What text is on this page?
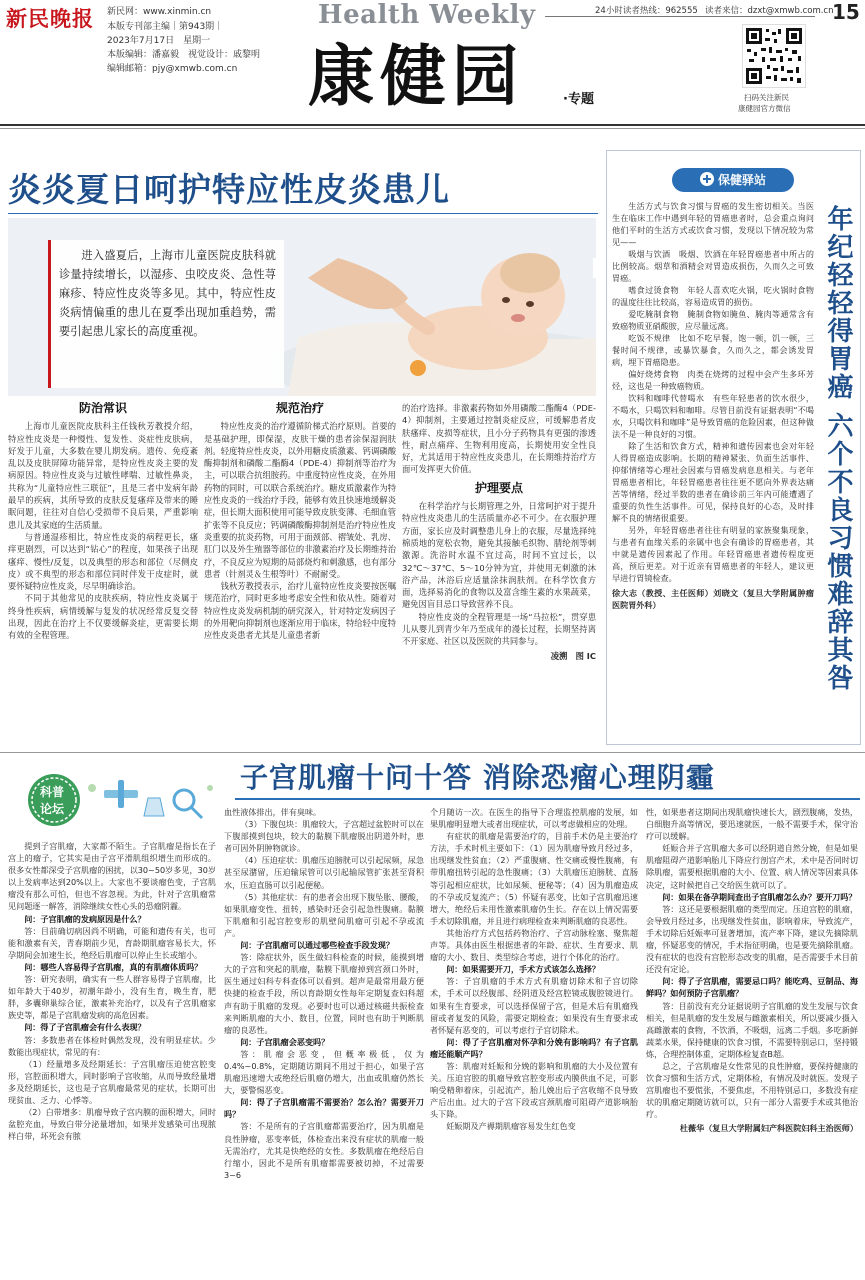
新民晚报 新民网：www.xinmin.cn
本版专刊部主编｜第943期｜
2023年7月17日　星期一
本版编辑：潘嘉毅　视觉设计：戚黎明
编辑邮箱：pjy@xmwb.com.cn
Health Weekly	24小时读者热线：962555 读者来信：dzxt@xmwb.com.cn
15
康健园	·专题	扫码关注新民
康健园官方微信
炎炎夏日呵护特应性皮炎患儿
进入盛夏后，上海市儿童医院皮肤科就诊量持续增长，以湿疹、虫咬皮炎、急性荨麻疹、特应性皮炎等多见。其中，特应性皮炎病情偏重的患儿在夏季出现加重趋势，需要引起患儿家长的高度重视。

防治常识

上海市儿童医院皮肤科主任钱秋芳教授介绍，特应性皮炎是一种慢性、复发性、炎症性皮肤病，好发于儿童，大多数在婴儿期发病。遗传、免疫紊乱以及皮肤屏障功能异常，是特应性皮炎主要的发病原因。特应性皮炎与过敏性哮喘、过敏性鼻炎，共称为“儿童特应性三联征”，且是三者中发病年龄最早的疾病，其所导致的皮肤反复瘙痒及带来的睡眠问题，往往对自信心受损带不良后果，严重影响患儿及其家庭的生活质量。

与普通湿疹相比，特应性皮炎的病程更长，瘙痒更剧烈，可以达到“钻心”的程度，如果孩子出现瘙痒、慢性/反复，以及典型的形态和部位（尽侧皮皮）或不典型的形态和部位同时伴发干皮症时，就要怀疑特应性皮炎，尽早明确诊治。

不同于其他常见的皮肤疾病，特应性皮炎属于终身性疾病，病情缓解与复发的状况经常反复交替出现，因此在治疗上不仅要缓解炎症，更需要长期有效的全程管理。

规范治疗

特应性皮炎的治疗遵循阶梯式治疗原则。首要的是基础护理，即保湿，皮肤干燥的患者涂保湿润肤剂。轻度特应性皮炎，以外用糖皮质激素、钙调磷酸酶抑制剂和磷酸二酯酶4（PDE-4）抑制剂等治疗为主，可以联合抗组胺药。中重度特应性皮炎，在外用药物的同时，可以联合系统治疗。糖皮质激素作为特应性皮炎的一线治疗手段，能够有效且快速地缓解炎症，但长期大面积使用可能导致皮肤变薄、毛细血管扩张等不良反应；钙调磷酸酶抑制剂是治疗特应性皮炎重要的抗炎药物，可用于面颈部、褶皱处、乳房、肛门以及外生殖器等部位的非激素治疗及长期维持治疗，不良反应为短期的局部烧灼和刺激感，也有部分患者（针剂灵＆生根等叶）不耐耐受。

钱秋芳教授表示，治疗儿童特应性皮炎要按医嘱规范治疗，同时更多地考虑安全性和依从性。随着对特应性皮炎发病机制的研究深入，针对特定发病因子的外用靶向抑制剂也逐渐应用于临床，特给轻中度特应性皮炎患者尤其是儿童患者新

的治疗选择。非激素药物如外用磷酸二酯酶4（PDE-4）抑制剂，主要通过控制炎症反应，可缓解患者皮肤瘙痒、皮损等症状，且小分子药物具有更强的渗透性，耐点痛痒、生物利用度高，长期使用安全性良好，尤其适用于特应性皮炎患儿，在长期维持治疗方面可发挥更大价值。

护理要点

在科学治疗与长期管理之外，日常呵护对于提升特应性皮炎患儿的生活质量亦必不可少。在衣服护理方面，家长应及时调整患儿身上的衣服，尽量选择纯棉质地的宽松衣物，避免其接触毛织物、腈纶剂等刺激源。洗浴时水温不宜过高，时间不宜过长，以32℃～37℃、5～10分钟为宜，并使用无刺激的沐浴产品，沐浴后应适量涂抹润肤剂。在科学饮食方面，选择易消化的食物以及富含维生素的水果蔬菜，避免因盲目忌口导致营养不良。

特应性皮炎的全程管理是一场“马拉松”，贯穿患儿从婴儿到青少年乃至成年的漫长过程，长期坚持离不开家庭、社区以及医院的共同参与。

凌溯　图 IC

保健驿站

生活方式与饮食习惯与胃癌的发生密切相关。当医生在临床工作中遇到年轻的胃癌患者时，总会重点询问他们平时的生活方式或饮食习惯，发现以下情况较为常见——

吸烟与饮酒　吸烟、饮酒在年轻胃癌患者中所占的比例较高。烟草和酒精会对胃造成损伤，久而久之可致胃癌。

嗜食过烫食物　年轻人喜欢吃火锅，吃火锅时食物的温度往往比较高，容易造成胃的损伤。

爱吃腌制食物　腌制食物如腌鱼、腌肉等通常含有致癌物质亚硝酸胺，应尽量远离。

吃饭不规律　比如不吃早餐，饱一顿，饥一顿，三餐时间不规律，或暴饮暴食，久而久之，都会诱发胃病，埋下胃癌隐患。

偏好烧烤食物　肉类在烧烤的过程中会产生多环芳烃，这也是一种致癌物质。

饮料和咖啡代替喝水　有些年轻患者的饮水很少，不喝水，只喝饮料和咖啡。尽管目前没有证据表明“不喝水，只喝饮料和咖啡”是导致胃癌的危险因素，但这种做法不是一种良好的习惯。

除了生活和饮食方式，精神和遗传因素也会对年轻人得胃癌造成影响。长期的精神紧张、负面生活事件、抑郁情绪等心理社会因素与胃癌发病息息相关。与老年胃癌患者相比，年轻胃癌患者往往更不愿向外界表达痛苦等情绪，经过半数的患者在确诊前三年内可能遭遇了重要的负性生活事件。可见，保持良好的心态，及时排解不良的情绪很重要。

另外，年轻胃癌患者往往有明显的家族聚集现象，与患者有血缘关系的亲属中也会有确诊的胃癌患者，其中就是遗传因素起了作用。年轻胃癌患者遗传程度更高，预后更差。对于近亲有胃癌患者的年轻人，建议更早进行胃镜检查。

徐大志（教授、主任医师）刘晓文（复旦大学附属肿瘤医院胃外科）	年纪轻轻得胃癌 六个不良习惯难辞其咎
子宫肌瘤十问十答 消除恐瘤心理阴霾
科普
论坛

提到子宫肌瘤，大家都不陌生。子宫肌瘤是指长在子宫上的瘤子，它其实是由子宫平滑肌组织增生而形成的。很多女性都深受子宫肌瘤的困扰，以30~50岁多见，30岁以上发病率达到20%以上。大家也不要谈瘤色变，子宫肌瘤没有那么可怕，但也不容忽视。为此，针对子宫肌瘤常见问题逐一解答，消除继续女性心头的恐瘤阴霾。

问：子宫肌瘤的发病原因是什么？

答：目前确切病因尚不明确，可能和遗传有关，也可能和激素有关，青春期前少见，育龄期肌瘤容易长大，怀孕期间会加速生长，绝经后肌瘤可以停止生长或缩小。

问：哪些人容易得子宫肌瘤，真的有肌瘤体质吗？

答：研究表明，确实有一些人群容易得子宫肌瘤，比如年龄大于40岁，初潮年龄小，没有生育，晚生育，肥胖，多囊卵巢综合征，激素补充治疗，以及有子宫肌瘤家族史等，都是子宫肌瘤发病的高危因素。

问：得了子宫肌瘤会有什么表现？

答：多数患者在体检时偶然发现，没有明显症状。少数能出现症状，常见的有：

（1）经量增多及经期延长：子宫肌瘤压迫使宫腔变形，宫腔面积增大，同时影响子宫收缩，从而导致经量增多及经期延长，这也是子宫肌瘤最常见的症状，长期可出现贫血、乏力、心悸等。

（2）白带增多：肌瘤导致子宫内膜的面积增大，同时盆腔充血，导致白带分泌量增加，如果并发感染可出现脓样白带，坏死会有脓

血性液体排出，伴有臭味。

（3）下腹包块：肌瘤较大，子宫超过盆腔时可以在下腹部摸到包块，较大的黏膜下肌瘤脱出阴道外时，患者可因外阴肿物就诊。

（4）压迫症状：肌瘤压迫膀胱可以引起尿频，尿急甚至尿潴留，压迫输尿管可以引起输尿管扩张甚至肾积水，压迫直肠可以引起便秘。

（5）其他症状：有的患者会出现下腹坠胀、腰酸，如果肌瘤变性、扭转，感染时还会引起急性腹痛。黏膜下肌瘤和引起宫腔变形的肌壁间肌瘤可引起不孕或流产。

问：子宫肌瘤可以通过哪些检查手段发现？

答：除症状外，医生做妇科检查的时候，能摸到增大的子宫和突起的肌瘤，黏膜下肌瘤掉到宫颈口外时，医生通过妇科专科查体可以看到。超声是最常用最方便快捷的检查手段，所以育龄期女性每年定期复查妇科超声有助于肌瘤的发现。必要时也可以通过核磁共振检查来判断肌瘤的大小、数目，位置，同时也有助于判断肌瘤的良恶性。

问：子宫肌瘤会恶变吗？

答：肌瘤会恶变，但概率极低，仅为0.4%~0.8%，定期随访期间不用过于担心，如果子宫肌瘤迅速增大或绝经后肌瘤仍增大，出血或肌瘤仍然长大，要警惕恶变。

问：得了子宫肌瘤需不需要治？怎么治？需要开刀吗？

答：不是所有的子宫肌瘤都需要治疗，因为肌瘤是良性肿瘤，恶变率低，体检查出来没有症状的肌瘤一般无需治疗，尤其是快绝经的女性。多数肌瘤在绝经后自行缩小，因此不是所有肌瘤都需要被切掉，不过需要3~6

个月随访一次。在医生的指导下合理监控肌瘤的发展，如果肌瘤明显增大或者出现症状，可以考虑做相应的处理。

有症状的肌瘤是需要治疗的，目前手术仍是主要治疗方法，手术时机主要如下：（1）因为肌瘤导致月经过多，出现继发性贫血；（2）严重腹痛、性交痛或慢性腹痛，有带肌瘤扭转引起的急性腹痛；（3）大肌瘤压迫膀胱、直肠等引起相应症状，比如尿频、便秘等；（4）因为肌瘤造成的不孕或反复流产；（5）怀疑有恶变，比如子宫肌瘤迅速增大，绝经后未用性激素肌瘤仍生长。存在以上情况需要手术切除肌瘤，并且进行病理检查来判断肌瘤的良恶性。

其他治疗方式包括药物治疗、子宫动脉栓塞、聚焦超声等。具体由医生根据患者的年龄、症状、生育要求、肌瘤的大小、数目、类型综合考虑，进行个体化的治疗。

问：如果需要开刀，手术方式该怎么选择？

答：子宫肌瘤的手术方式有肌瘤切除术和子宫切除术，手术可以经腹部、经阴道及经宫腔镜或腹腔镜进行。如果有生育要求，可以选择保留子宫，但是术后有肌瘤残留或者复发的风险，需要定期检查；如果没有生育要求或者怀疑有恶变的，可以考虑行子宫切除术。

问：得了子宫肌瘤对怀孕和分娩有影响吗？有子宫肌瘤还能顺产吗？

答：肌瘤对妊娠和分娩的影响和肌瘤的大小及位置有关。压迫宫腔的肌瘤导致宫腔变形或内膜供血不足，可影响受精卵着床，引起流产，胎儿娩出后子宫收缩不良导致产后出血。过大的子宫下段或宫颈肌瘤可阻碍产道影响胎头下降。

妊娠期及产褥期肌瘤容易发生红色变

性，如果患者这期间出现肌瘤快速长大，剧烈腹痛，发热，白细胞升高等情况，要迅速就医，一般不需要手术，保守治疗可以缓解。

妊娠合并子宫肌瘤大多可以经阴道自然分娩，但是如果肌瘤阻碍产道影响胎儿下降应行剖宫产术，术中是否同时切除肌瘤，需要根据肌瘤的大小、位置、病人情况等因素具体决定，这时候把自己交给医生就可以了。

问：如果在备孕期间查出子宫肌瘤怎么办？要开刀吗？

答：这还是要根据肌瘤的类型而定。压迫宫腔的肌瘤，会导致月经过多，出现继发性贫血，影响着床，导致流产，手术切除后妊娠率可显著增加，流产率下降，建议先摘除肌瘤，怀疑恶变的情况，手术指征明确，也是要先摘除肌瘤。没有症状的也没有宫腔形态改变的肌瘤，是否需要手术目前还没有定论。

问：得了子宫肌瘤，需要忌口吗？能吃鸡、豆制品、海鲜吗？如何预防子宫肌瘤？

答：目前没有充分证据说明子宫肌瘤的发生发展与饮食相关，但是肌瘤的发生发展与雌激素相关，所以要减少摄入高雌激素的食物，不饮酒，不吸烟，远离二手烟。多吃新鲜蔬菜水果，保持健康的饮食习惯，不需要特别忌口，坚持锻炼，合理控制体重，定期体检复查B超。

总之，子宫肌瘤是女性常见的良性肿瘤，要保持健康的饮食习惯和生活方式，定期体检，有情况及时就医。发现子宫肌瘤也不要慌张，不要焦虑，不用特别忌口，多数没有症状的肌瘤定期随访就可以，只有一部分人需要手术或其他治疗。

杜薇华（复旦大学附属妇产科医院妇科主治医师）
